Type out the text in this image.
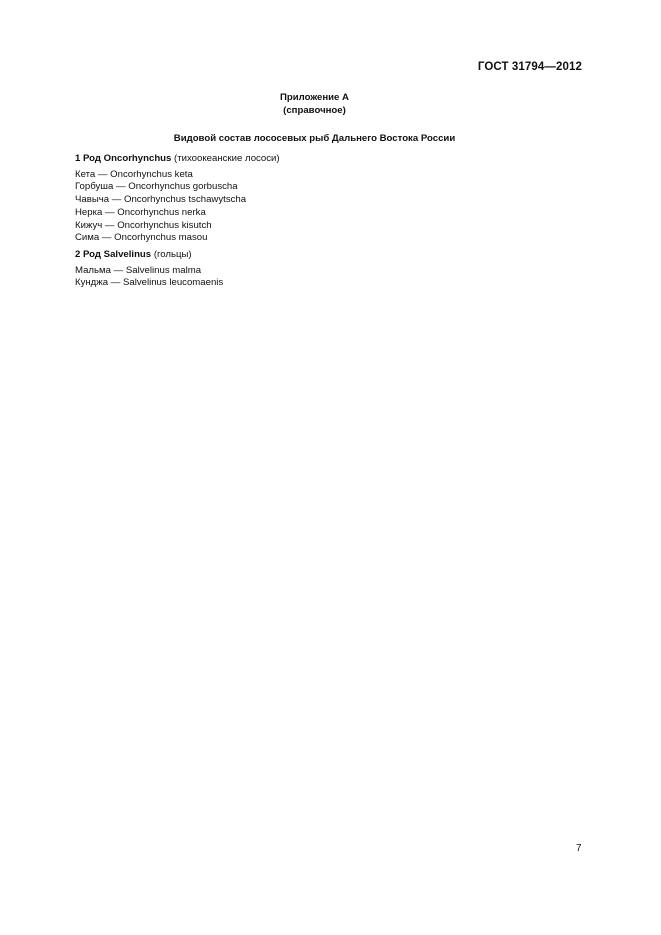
ГОСТ 31794—2012
Приложение А
(справочное)
Видовой состав лососевых рыб Дальнего Востока России
1 Род Oncorhynchus (тихоокеанские лососи)
Кета — Oncorhynchus keta
Горбуша — Oncorhynchus gorbuscha
Чавыча — Oncorhynchus tschawytscha
Нерка — Oncorhynchus nerka
Кижуч — Oncorhynchus kisutch
Сима — Oncorhynchus masou
2 Род Salvelinus (гольцы)
Мальма — Salvelinus malma
Кунджа — Salvelinus leucomaenis
7
